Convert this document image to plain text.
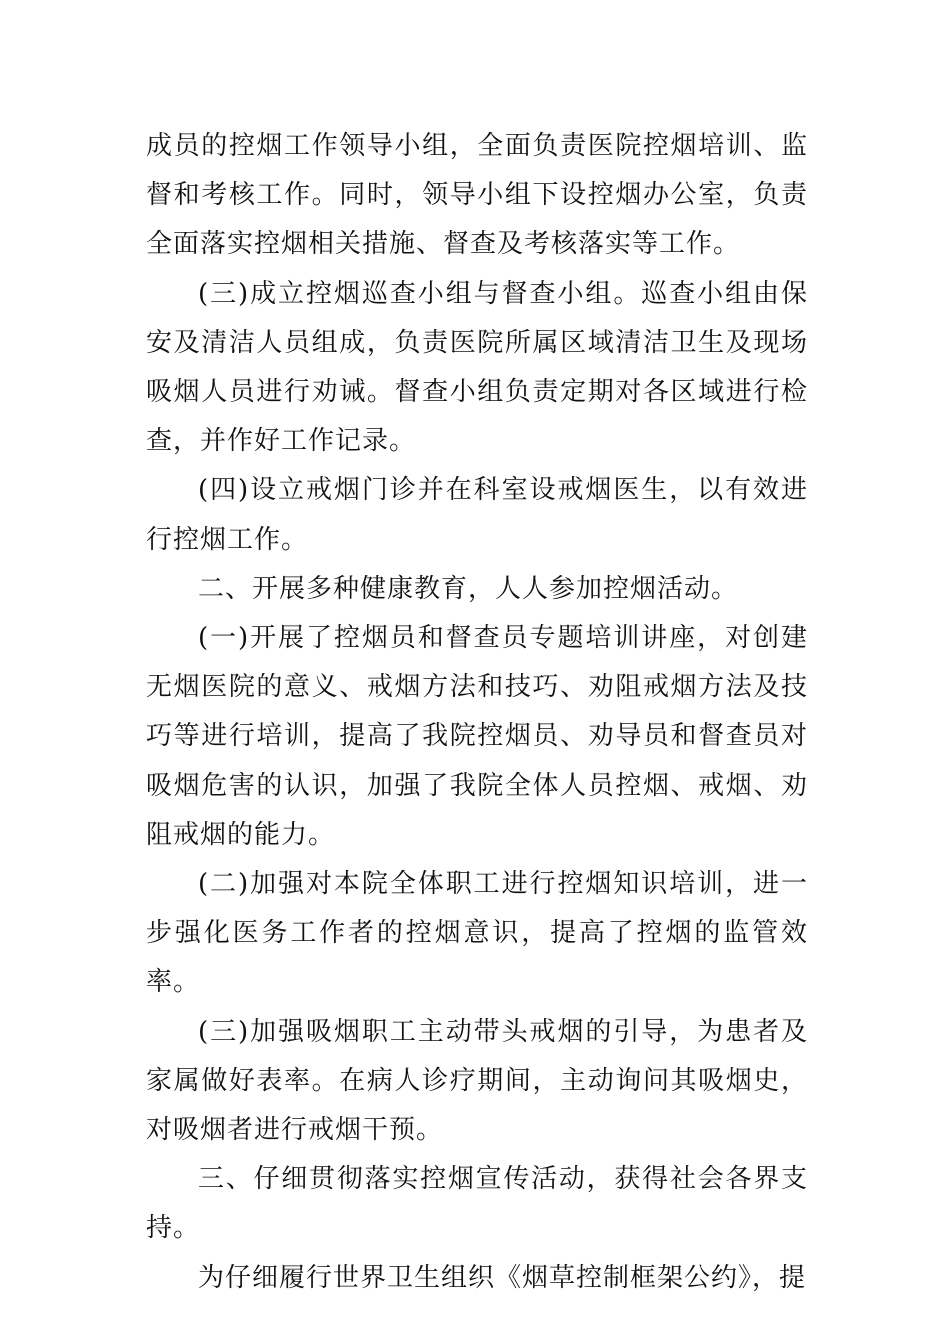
成员的控烟工作领导小组，全面负责医院控烟培训、监督和考核工作。同时，领导小组下设控烟办公室，负责全面落实控烟相关措施、督查及考核落实等工作。

(三)成立控烟巡查小组与督查小组。巡查小组由保安及清洁人员组成，负责医院所属区域清洁卫生及现场吸烟人员进行劝诫。督查小组负责定期对各区域进行检查，并作好工作记录。

(四)设立戒烟门诊并在科室设戒烟医生，以有效进行控烟工作。

二、开展多种健康教育，人人参加控烟活动。

(一)开展了控烟员和督查员专题培训讲座，对创建无烟医院的意义、戒烟方法和技巧、劝阻戒烟方法及技巧等进行培训，提高了我院控烟员、劝导员和督查员对吸烟危害的认识，加强了我院全体人员控烟、戒烟、劝阻戒烟的能力。

(二)加强对本院全体职工进行控烟知识培训，进一步强化医务工作者的控烟意识，提高了控烟的监管效率。

(三)加强吸烟职工主动带头戒烟的引导，为患者及家属做好表率。在病人诊疗期间，主动询问其吸烟史，对吸烟者进行戒烟干预。

三、仔细贯彻落实控烟宣传活动，获得社会各界支持。

为仔细履行世界卫生组织《烟草控制框架公约》，提
